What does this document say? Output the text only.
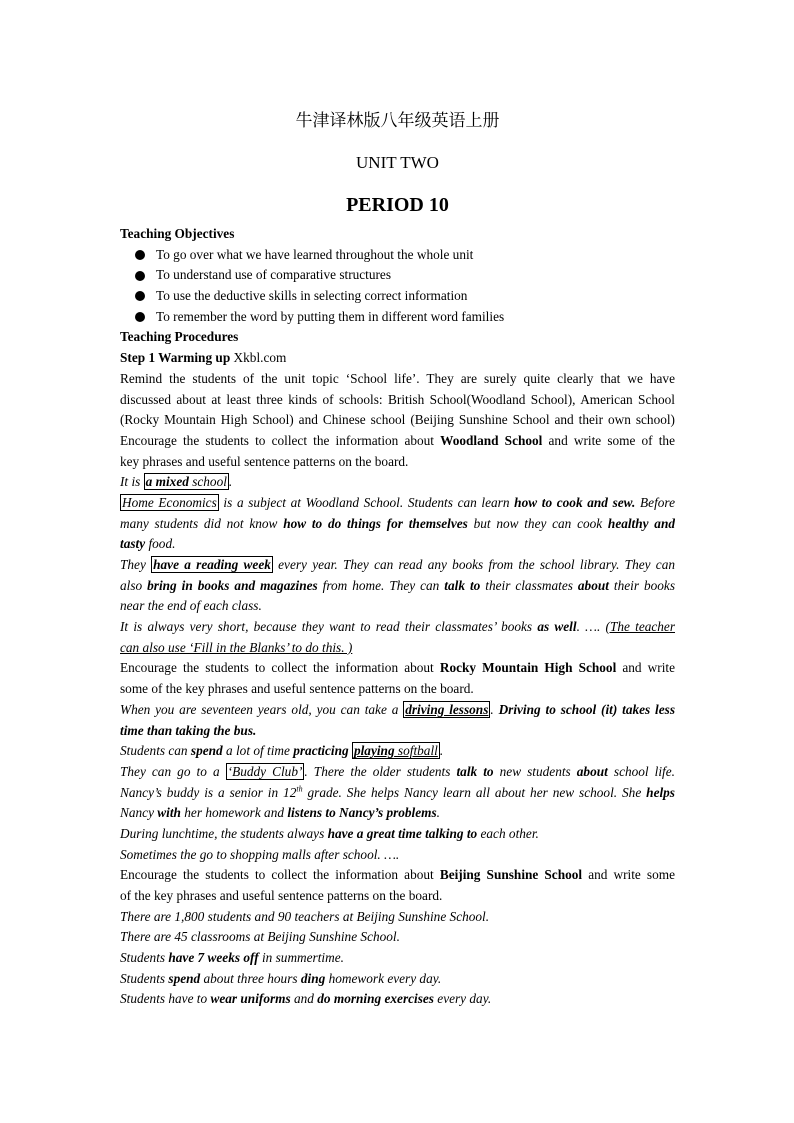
牛津译林版八年级英语上册
UNIT TWO
PERIOD 10
Teaching Objectives
To go over what we have learned throughout the whole unit
To understand use of comparative structures
To use the deductive skills in selecting correct information
To remember the word by putting them in different word families
Teaching Procedures
Step 1 Warming up Xkbl.com
Remind the students of the unit topic ‘School life’. They are surely quite clearly that we have
discussed about at least three kinds of schools: British School(Woodland School), American School
(Rocky Mountain High School) and Chinese school (Beijing Sunshine School and their own school)
Encourage the students to collect the information about Woodland School and write some of the
key phrases and useful sentence patterns on the board.
It is a mixed school .
Home Economics is a subject at Woodland School. Students can learn how to cook and sew. Before
many students did not know how to do things for themselves but now they can cook healthy and
tasty food.
They have a reading week every year. They can read any books from the school library. They can
also bring in books and magazines from home. They can talk to their classmates about their books
near the end of each class.
It is always very short, because they want to read their classmates’ books as well. …. (The teacher
can also use ‘Fill in the Blanks’ to do this. )
Encourage the students to collect the information about Rocky Mountain High School and write
some of the key phrases and useful sentence patterns on the board.
When you are seventeen years old, you can take a driving lessons . Driving to school (it) takes less
time than taking the bus.
Students can spend a lot of time practicing playing softball .
They can go to a ‘Buddy Club’ . There the older students talk to new students about school life.
Nancy’s buddy is a senior in 12th grade. She helps Nancy learn all about her new school. She helps
Nancy with her homework and listens to Nancy’s problems.
During lunchtime, the students always have a great time talking to each other.
Sometimes the go to shopping malls after school. ….
Encourage the students to collect the information about Beijing Sunshine School and write some
of the key phrases and useful sentence patterns on the board.
There are 1,800 students and 90 teachers at Beijing Sunshine School.
There are 45 classrooms at Beijing Sunshine School.
Students have 7 weeks off in summertime.
Students spend about three hours ding homework every day.
Students have to wear uniforms and do morning exercises every day.
